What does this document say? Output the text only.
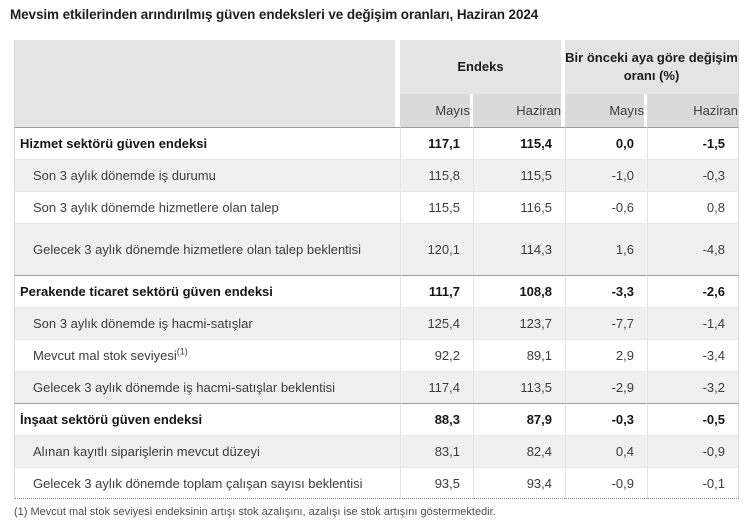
Mevsim etkilerinden arındırılmış güven endeksleri ve değişim oranları, Haziran 2024
	Endeks		Bir önceki aya göre değişim oranı (%)	
	Mayıs	Haziran	Mayıs	Haziran
Hizmet sektörü güven endeksi	117,1	115,4	0,0	-1,5
Son 3 aylık dönemde iş durumu	115,8	115,5	-1,0	-0,3
Son 3 aylık dönemde hizmetlere olan talep	115,5	116,5	-0,6	0,8
Gelecek 3 aylık dönemde hizmetlere olan talep beklentisi	120,1	114,3	1,6	-4,8
Perakende ticaret sektörü güven endeksi	111,7	108,8	-3,3	-2,6
Son 3 aylık dönemde iş hacmi-satışlar	125,4	123,7	-7,7	-1,4
Mevcut mal stok seviyesi$^{(1)}$	92,2	89,1	2,9	-3,4
Gelecek 3 aylık dönemde iş hacmi-satışlar beklentisi	117,4	113,5	-2,9	-3,2
İnşaat sektörü güven endeksi	88,3	87,9	-0,3	-0,5
Alınan kayıtlı siparişlerin mevcut düzeyi	83,1	82,4	0,4	-0,9
Gelecek 3 aylık dönemde toplam çalışan sayısı beklentisi	93,5	93,4	-0,9	-0,1
(1) Mevcut mal stok seviyesi endeksinin artışı stok azalışını, azalışı ise stok artışını göstermektedir.
